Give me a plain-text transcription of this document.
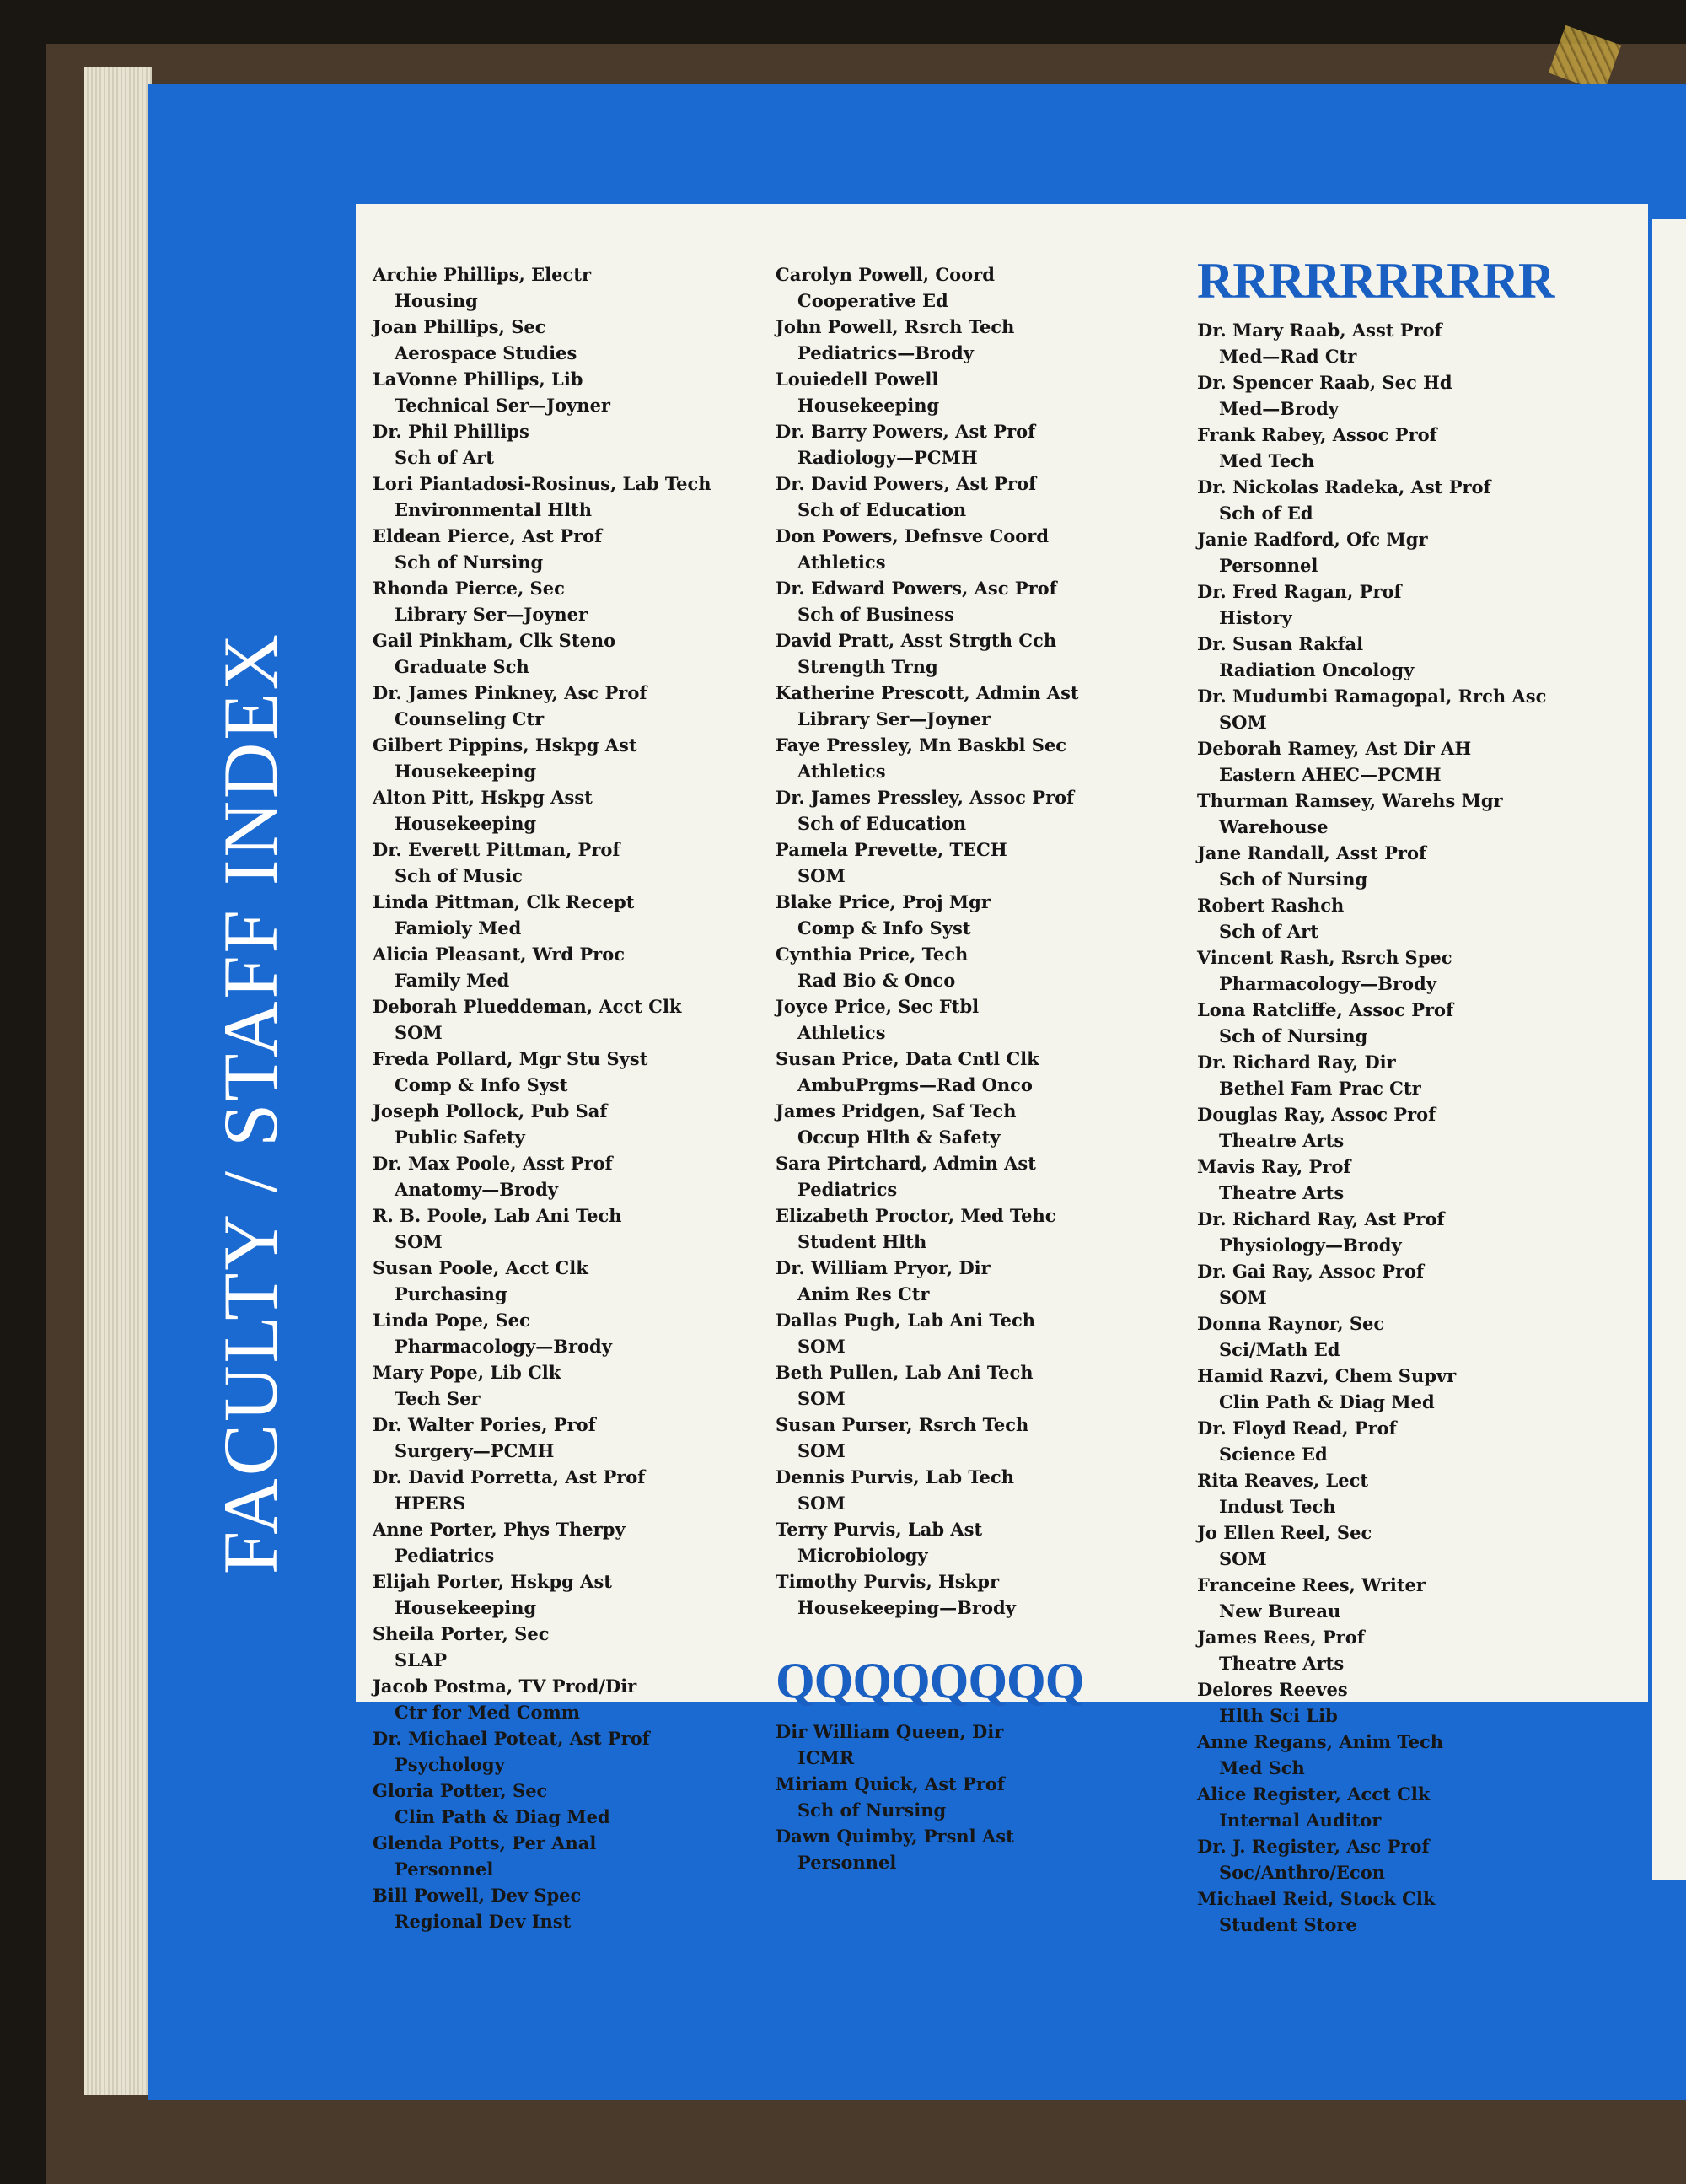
FACULTY / STAFF INDEX
Archie Phillips, Electr
Housing
Joan Phillips, Sec
Aerospace Studies
LaVonne Phillips, Lib
Technical Ser—Joyner
Dr. Phil Phillips
Sch of Art
Lori Piantadosi-Rosinus, Lab Tech
Environmental Hlth
Eldean Pierce, Ast Prof
Sch of Nursing
Rhonda Pierce, Sec
Library Ser—Joyner
Gail Pinkham, Clk Steno
Graduate Sch
Dr. James Pinkney, Asc Prof
Counseling Ctr
Gilbert Pippins, Hskpg Ast
Housekeeping
Alton Pitt, Hskpg Asst
Housekeeping
Dr. Everett Pittman, Prof
Sch of Music
Linda Pittman, Clk Recept
Famioly Med
Alicia Pleasant, Wrd Proc
Family Med
Deborah Plueddeman, Acct Clk
SOM
Freda Pollard, Mgr Stu Syst
Comp & Info Syst
Joseph Pollock, Pub Saf
Public Safety
Dr. Max Poole, Asst Prof
Anatomy—Brody
R. B. Poole, Lab Ani Tech
SOM
Susan Poole, Acct Clk
Purchasing
Linda Pope, Sec
Pharmacology—Brody
Mary Pope, Lib Clk
Tech Ser
Dr. Walter Pories, Prof
Surgery—PCMH
Dr. David Porretta, Ast Prof
HPERS
Anne Porter, Phys Therpy
Pediatrics
Elijah Porter, Hskpg Ast
Housekeeping
Sheila Porter, Sec
SLAP
Jacob Postma, TV Prod/Dir
Ctr for Med Comm
Dr. Michael Poteat, Ast Prof
Psychology
Gloria Potter, Sec
Clin Path & Diag Med
Glenda Potts, Per Anal
Personnel
Bill Powell, Dev Spec
Regional Dev Inst
Carolyn Powell, Coord
Cooperative Ed
John Powell, Rsrch Tech
Pediatrics—Brody
Louiedell Powell
Housekeeping
Dr. Barry Powers, Ast Prof
Radiology—PCMH
Dr. David Powers, Ast Prof
Sch of Education
Don Powers, Defnsve Coord
Athletics
Dr. Edward Powers, Asc Prof
Sch of Business
David Pratt, Asst Strgth Cch
Strength Trng
Katherine Prescott, Admin Ast
Library Ser—Joyner
Faye Pressley, Mn Baskbl Sec
Athletics
Dr. James Pressley, Assoc Prof
Sch of Education
Pamela Prevette, TECH
SOM
Blake Price, Proj Mgr
Comp & Info Syst
Cynthia Price, Tech
Rad Bio & Onco
Joyce Price, Sec Ftbl
Athletics
Susan Price, Data Cntl Clk
AmbuPrgms—Rad Onco
James Pridgen, Saf Tech
Occup Hlth & Safety
Sara Pirtchard, Admin Ast
Pediatrics
Elizabeth Proctor, Med Tehc
Student Hlth
Dr. William Pryor, Dir
Anim Res Ctr
Dallas Pugh, Lab Ani Tech
SOM
Beth Pullen, Lab Ani Tech
SOM
Susan Purser, Rsrch Tech
SOM
Dennis Purvis, Lab Tech
SOM
Terry Purvis, Lab Ast
Microbiology
Timothy Purvis, Hskpr
Housekeeping—Brody
QQQQQQQQ
Dir William Queen, Dir
ICMR
Miriam Quick, Ast Prof
Sch of Nursing
Dawn Quimby, Prsnl Ast
Personnel
RRRRRRRRRR
Dr. Mary Raab, Asst Prof
Med—Rad Ctr
Dr. Spencer Raab, Sec Hd
Med—Brody
Frank Rabey, Assoc Prof
Med Tech
Dr. Nickolas Radeka, Ast Prof
Sch of Ed
Janie Radford, Ofc Mgr
Personnel
Dr. Fred Ragan, Prof
History
Dr. Susan Rakfal
Radiation Oncology
Dr. Mudumbi Ramagopal, Rrch Asc
SOM
Deborah Ramey, Ast Dir AH
Eastern AHEC—PCMH
Thurman Ramsey, Warehs Mgr
Warehouse
Jane Randall, Asst Prof
Sch of Nursing
Robert Rashch
Sch of Art
Vincent Rash, Rsrch Spec
Pharmacology—Brody
Lona Ratcliffe, Assoc Prof
Sch of Nursing
Dr. Richard Ray, Dir
Bethel Fam Prac Ctr
Douglas Ray, Assoc Prof
Theatre Arts
Mavis Ray, Prof
Theatre Arts
Dr. Richard Ray, Ast Prof
Physiology—Brody
Dr. Gai Ray, Assoc Prof
SOM
Donna Raynor, Sec
Sci/Math Ed
Hamid Razvi, Chem Supvr
Clin Path & Diag Med
Dr. Floyd Read, Prof
Science Ed
Rita Reaves, Lect
Indust Tech
Jo Ellen Reel, Sec
SOM
Franceine Rees, Writer
New Bureau
James Rees, Prof
Theatre Arts
Delores Reeves
Hlth Sci Lib
Anne Regans, Anim Tech
Med Sch
Alice Register, Acct Clk
Internal Auditor
Dr. J. Register, Asc Prof
Soc/Anthro/Econ
Michael Reid, Stock Clk
Student Store
